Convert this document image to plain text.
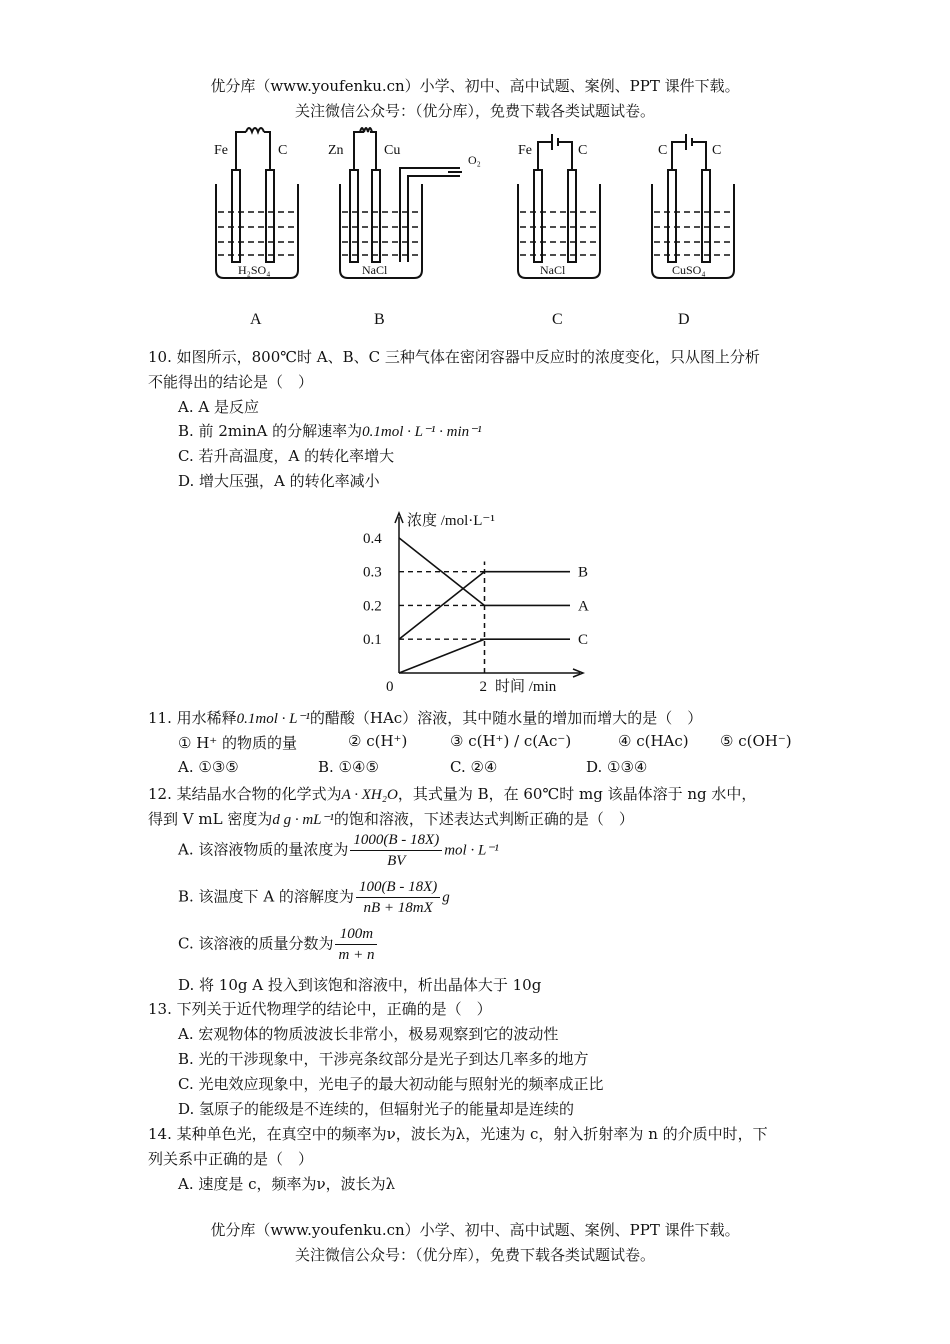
优分库（www.youfenku.cn）小学、初中、高中试题、案例、PPT 课件下载。
关注微信公众号：（优分库），免费下载各类试题试卷。
Fe	C
H₂SO₄
A
Zn	Cu
NaCl
O₂
B
Fe	C
NaCl
C
C	C
CuSO₄
D
10. 如图所示，800℃时 A、B、C 三种气体在密闭容器中反应时的浓度变化，只从图上分析
不能得出的结论是（　）
A. A 是反应
B. 前 2minA 的分解速率为0.1mol · L⁻¹ · min⁻¹
C. 若升高温度，A 的转化率增大
D. 增大压强，A 的转化率减小
0.4
0.3
0.2
0.1
0	2
B
A
C
浓度 /mol·L⁻¹
时间 /min
11. 用水稀释0.1mol · L⁻¹的醋酸（HAc）溶液，其中随水量的增加而增大的是（　）
① H⁺ 的物质的量	② c(H⁺)	③ c(H⁺) / c(Ac⁻)	④ c(HAc) ⑤ c(OH⁻)
A. ①③⑤	B. ①④⑤	C. ②④	D. ①③④
12. 某结晶水合物的化学式为A · XH₂O，其式量为 B，在 60℃时 mg 该晶体溶于 ng 水中，
得到 V mL 密度为d g · mL⁻¹的饱和溶液，下述表达式判断正确的是（　）
A. 该溶液物质的量浓度为 $\frac{1000(B - 18X)}{BV}$ mol · L⁻¹
B. 该温度下 A 的溶解度为 $\frac{100(B - 18X)}{nB + 18mX}$ g
C. 该溶液的质量分数为 $\frac{100m}{m + n}$
D. 将 10g A 投入到该饱和溶液中，析出晶体大于 10g
13. 下列关于近代物理学的结论中，正确的是（　）
A. 宏观物体的物质波波长非常小，极易观察到它的波动性
B. 光的干涉现象中，干涉亮条纹部分是光子到达几率多的地方
C. 光电效应现象中，光电子的最大初动能与照射光的频率成正比
D. 氢原子的能级是不连续的，但辐射光子的能量却是连续的
14. 某种单色光，在真空中的频率为ν，波长为λ，光速为 c，射入折射率为 n 的介质中时，下
列关系中正确的是（　）
A. 速度是 c，频率为ν，波长为λ
优分库（www.youfenku.cn）小学、初中、高中试题、案例、PPT 课件下载。
关注微信公众号：（优分库），免费下载各类试题试卷。
